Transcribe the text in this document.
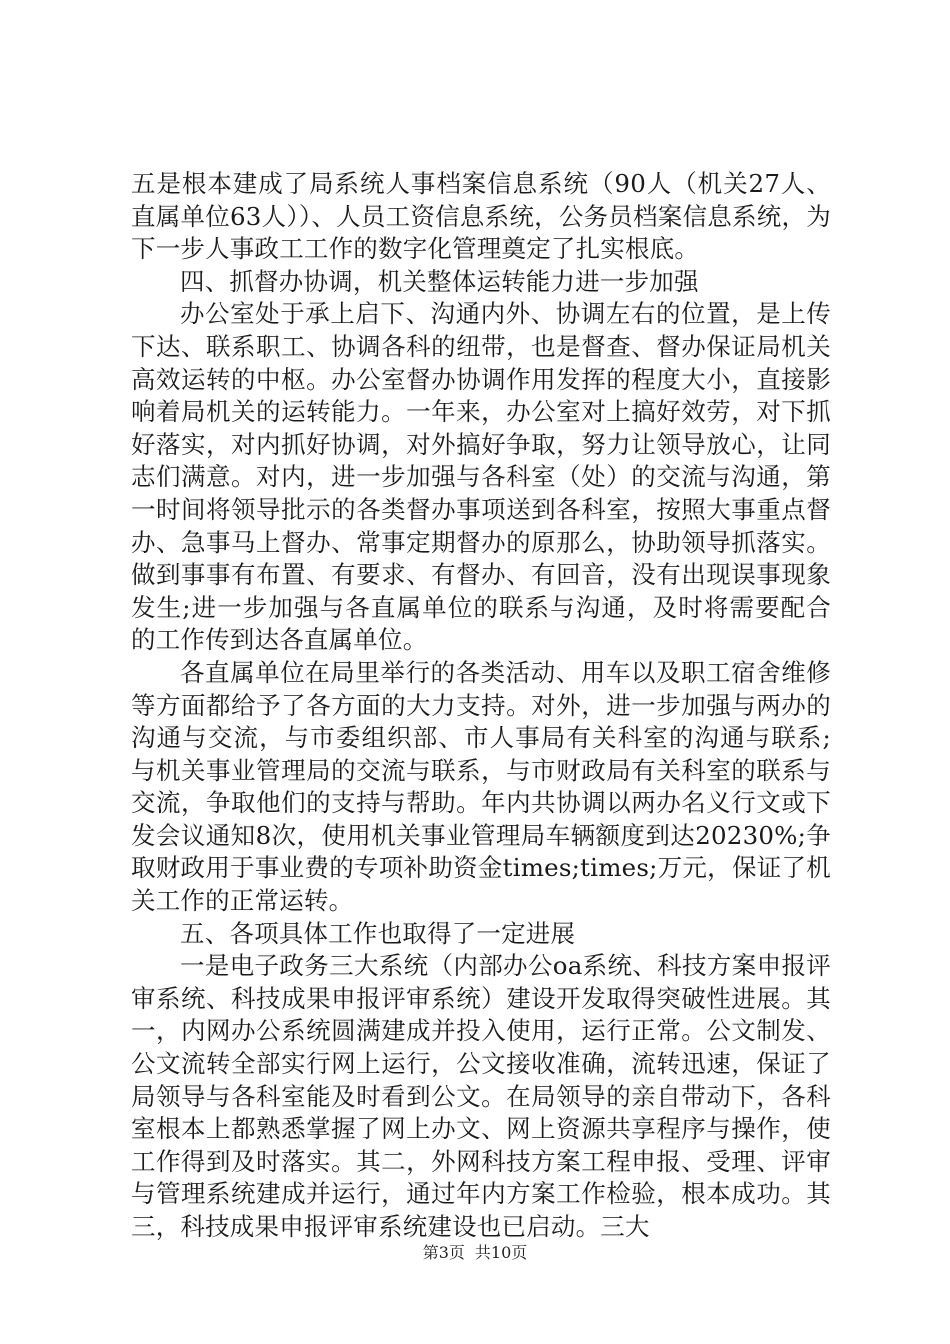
五是根本建成了局系统人事档案信息系统（90人（机关27人、直属单位63人））、人员工资信息系统，公务员档案信息系统，为下一步人事政工工作的数字化管理奠定了扎实根底。

四、抓督办协调，机关整体运转能力进一步加强

办公室处于承上启下、沟通内外、协调左右的位置，是上传下达、联系职工、协调各科的纽带，也是督查、督办保证局机关高效运转的中枢。办公室督办协调作用发挥的程度大小，直接影响着局机关的运转能力。一年来，办公室对上搞好效劳，对下抓好落实，对内抓好协调，对外搞好争取，努力让领导放心，让同志们满意。对内，进一步加强与各科室（处）的交流与沟通，第一时间将领导批示的各类督办事项送到各科室，按照大事重点督办、急事马上督办、常事定期督办的原那么，协助领导抓落实。做到事事有布置、有要求、有督办、有回音，没有出现误事现象发生;进一步加强与各直属单位的联系与沟通，及时将需要配合的工作传到达各直属单位。

各直属单位在局里举行的各类活动、用车以及职工宿舍维修等方面都给予了各方面的大力支持。对外，进一步加强与两办的沟通与交流，与市委组织部、市人事局有关科室的沟通与联系;与机关事业管理局的交流与联系，与市财政局有关科室的联系与交流，争取他们的支持与帮助。年内共协调以两办名义行文或下发会议通知8次，使用机关事业管理局车辆额度到达20230%;争取财政用于事业费的专项补助资金times;times;万元，保证了机关工作的正常运转。

五、各项具体工作也取得了一定进展

一是电子政务三大系统（内部办公oa系统、科技方案申报评审系统、科技成果申报评审系统）建设开发取得突破性进展。其一，内网办公系统圆满建成并投入使用，运行正常。公文制发、公文流转全部实行网上运行，公文接收准确，流转迅速，保证了局领导与各科室能及时看到公文。在局领导的亲自带动下，各科室根本上都熟悉掌握了网上办文、网上资源共享程序与操作，使工作得到及时落实。其二，外网科技方案工程申报、受理、评审与管理系统建成并运行，通过年内方案工作检验，根本成功。其三，科技成果申报评审系统建设也已启动。三大

第3页 共10页
